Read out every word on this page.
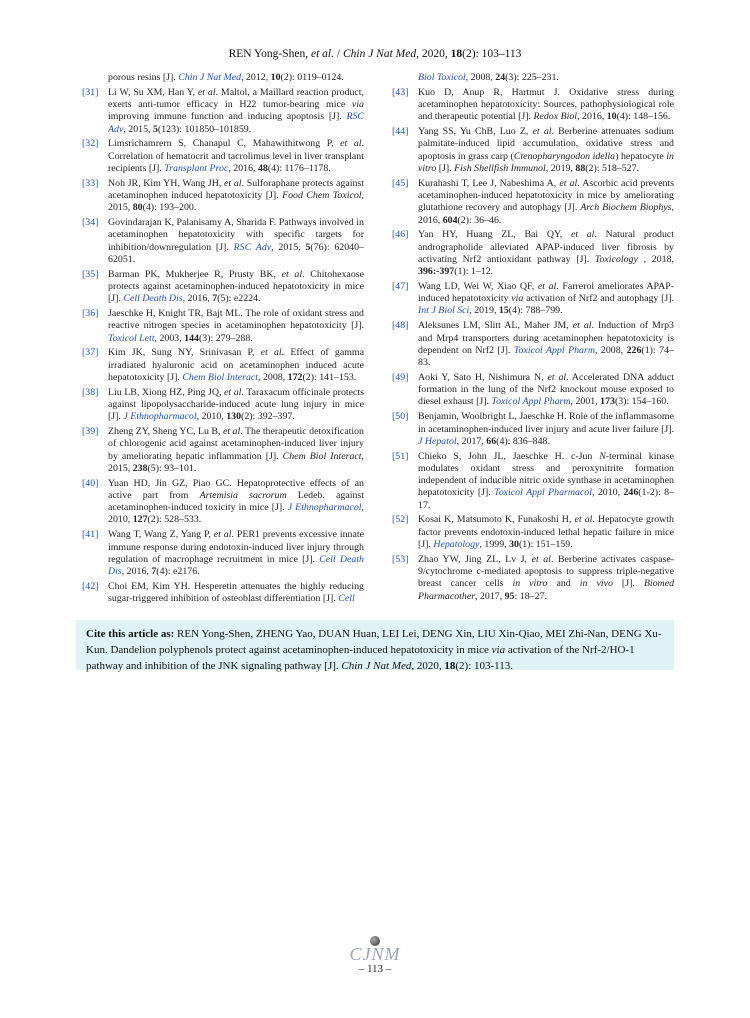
REN Yong-Shen, et al. / Chin J Nat Med, 2020, 18(2): 103–113
porous resins [J]. Chin J Nat Med, 2012, 10(2): 0119–0124.
[31] Li W, Su XM, Han Y, et al. Maltol, a Maillard reaction product, exerts anti-tumor efficacy in H22 tumor-bearing mice via improving immune function and inducing apoptosis [J]. RSC Adv, 2015, 5(123): 101850–101859.
[32] Limsrichamrern S, Chanapul C, Mahawithitwong P, et al. Correlation of hematocrit and tacrolimus level in liver transplant recipients [J]. Transplant Proc, 2016, 48(4): 1176–1178.
[33] Noh JR, Kim YH, Wang JH, et al. Sulforaphane protects against acetaminophen induced hepatotoxicity [J]. Food Chem Toxicol, 2015, 80(4): 193–200.
[34] Govindarajan K, Palanisamy A, Sharida F. Pathways involved in acetaminophen hepatotoxicity with specific targets for inhibition/downregulation [J]. RSC Adv, 2015, 5(76): 62040–62051.
[35] Barman PK, Mukherjee R, Prusty BK, et al. Chitohexaose protects against acetaminophen-induced hepatotoxicity in mice [J]. Cell Death Dis, 2016, 7(5): e2224.
[36] Jaeschke H, Knight TR, Bajt ML. The role of oxidant stress and reactive nitrogen species in acetaminophen hepatotoxicity [J]. Toxicol Lett, 2003, 144(3): 279–288.
[37] Kim JK, Sung NY, Srinivasan P, et al. Effect of gamma irradiated hyaluronic acid on acetaminophen induced acute hepatotoxicity [J]. Chem Biol Interact, 2008, 172(2): 141–153.
[38] Liu LB, Xiong HZ, Ping JQ, et al. Taraxacum officinale protects against lipopolysaccharide-induced acute lung injury in mice [J]. J Ethnopharmacol, 2010, 130(2): 392–397.
[39] Zheng ZY, Sheng YC, Lu B, et al. The therapeutic detoxification of chlorogenic acid against acetaminophen-induced liver injury by ameliorating hepatic inflammation [J]. Chem Biol Interact, 2015, 238(5): 93–101.
[40] Yuan HD, Jin GZ, Piao GC. Hepatoprotective effects of an active part from Artemisia sacrorum Ledeb. against acetaminophen-induced toxicity in mice [J]. J Ethnopharmacol, 2010, 127(2): 528–533.
[41] Wang T, Wang Z, Yang P, et al. PER1 prevents excessive innate immune response during endotoxin-induced liver injury through regulation of macrophage recruitment in mice [J]. Cell Death Dis, 2016, 7(4): e2176.
[42] Choi EM, Kim YH. Hesperetin attenuates the highly reducing sugar-triggered inhibition of osteoblast differentiation [J]. Cell
Biol Toxicol, 2008, 24(3): 225–231.
[43] Kuo D, Anup R, Hartmut J. Oxidative stress during acetaminophen hepatotoxicity: Sources, pathophysiological role and therapeutic potential [J]. Redox Biol, 2016, 10(4): 148–156.
[44] Yang SS, Yu ChB, Luo Z, et al. Berberine attenuates sodium palmitate-induced lipid accumulation, oxidative stress and apoptosis in grass carp (Ctenopharyngodon idella) hepatocyte in vitro [J]. Fish Shellfish Immunol, 2019, 88(2): 518–527.
[45] Kurahashi T, Lee J, Nabeshima A, et al. Ascorbic acid prevents acetaminophen-induced hepatotoxicity in mice by ameliorating glutathione recovery and autophagy [J]. Arch Biochem Biophys, 2016, 604(2): 36–46.
[46] Yan HY, Huang ZL, Bai QY, et al. Natural product andrographolide alleviated APAP-induced liver fibrosis by activating Nrf2 antioxidant pathway [J]. Toxicology , 2018, 396:-397(1): 1–12.
[47] Wang LD, Wei W, Xiao QF, et al. Farrerol ameliorates APAP-induced hepatotoxicity via activation of Nrf2 and autophagy [J]. Int J Biol Sci, 2019, 15(4): 788–799.
[48] Aleksunes LM, Slitt AL, Maher JM, et al. Induction of Mrp3 and Mrp4 transporters during acetaminophen hepatotoxicity is dependent on Nrf2 [J]. Toxicol Appl Pharm, 2008, 226(1): 74–83.
[49] Aoki Y, Sato H, Nishimura N, et al. Accelerated DNA adduct formation in the lung of the Nrf2 knockout mouse exposed to diesel exhaust [J]. Toxicol Appl Pharm, 2001, 173(3): 154–160.
[50] Benjamin, Woolbright L, Jaeschke H. Role of the inflammasome in acetaminophen-induced liver injury and acute liver failure [J]. J Hepatol, 2017, 66(4): 836–848.
[51] Chieko S, John JL, Jaeschke H. c-Jun N-terminal kinase modulates oxidant stress and peroxynitrite formation independent of inducible nitric oxide synthase in acetaminophen hepatotoxicity [J]. Toxicol Appl Pharmacol, 2010, 246(1-2): 8–17.
[52] Kosai K, Matsumoto K, Funakoshi H, et al. Hepatocyte growth factor prevents endotoxin-induced lethal hepatic failure in mice [J]. Hepatology, 1999, 30(1): 151–159.
[53] Zhao YW, Jing ZL, Lv J, et al. Berberine activates caspase-9/cytochrome c-mediated apoptosis to suppress triple-negative breast cancer cells in vitro and in vivo [J]. Biomed Pharmacother, 2017, 95: 18–27.
Cite this article as: REN Yong-Shen, ZHENG Yao, DUAN Huan, LEI Lei, DENG Xin, LIU Xin-Qiao, MEI Zhi-Nan, DENG Xu-Kun. Dandelion polyphenols protect against acetaminophen-induced hepatotoxicity in mice via activation of the Nrf-2/HO-1 pathway and inhibition of the JNK signaling pathway [J]. Chin J Nat Med, 2020, 18(2): 103-113.
CJNM
– 113 –
